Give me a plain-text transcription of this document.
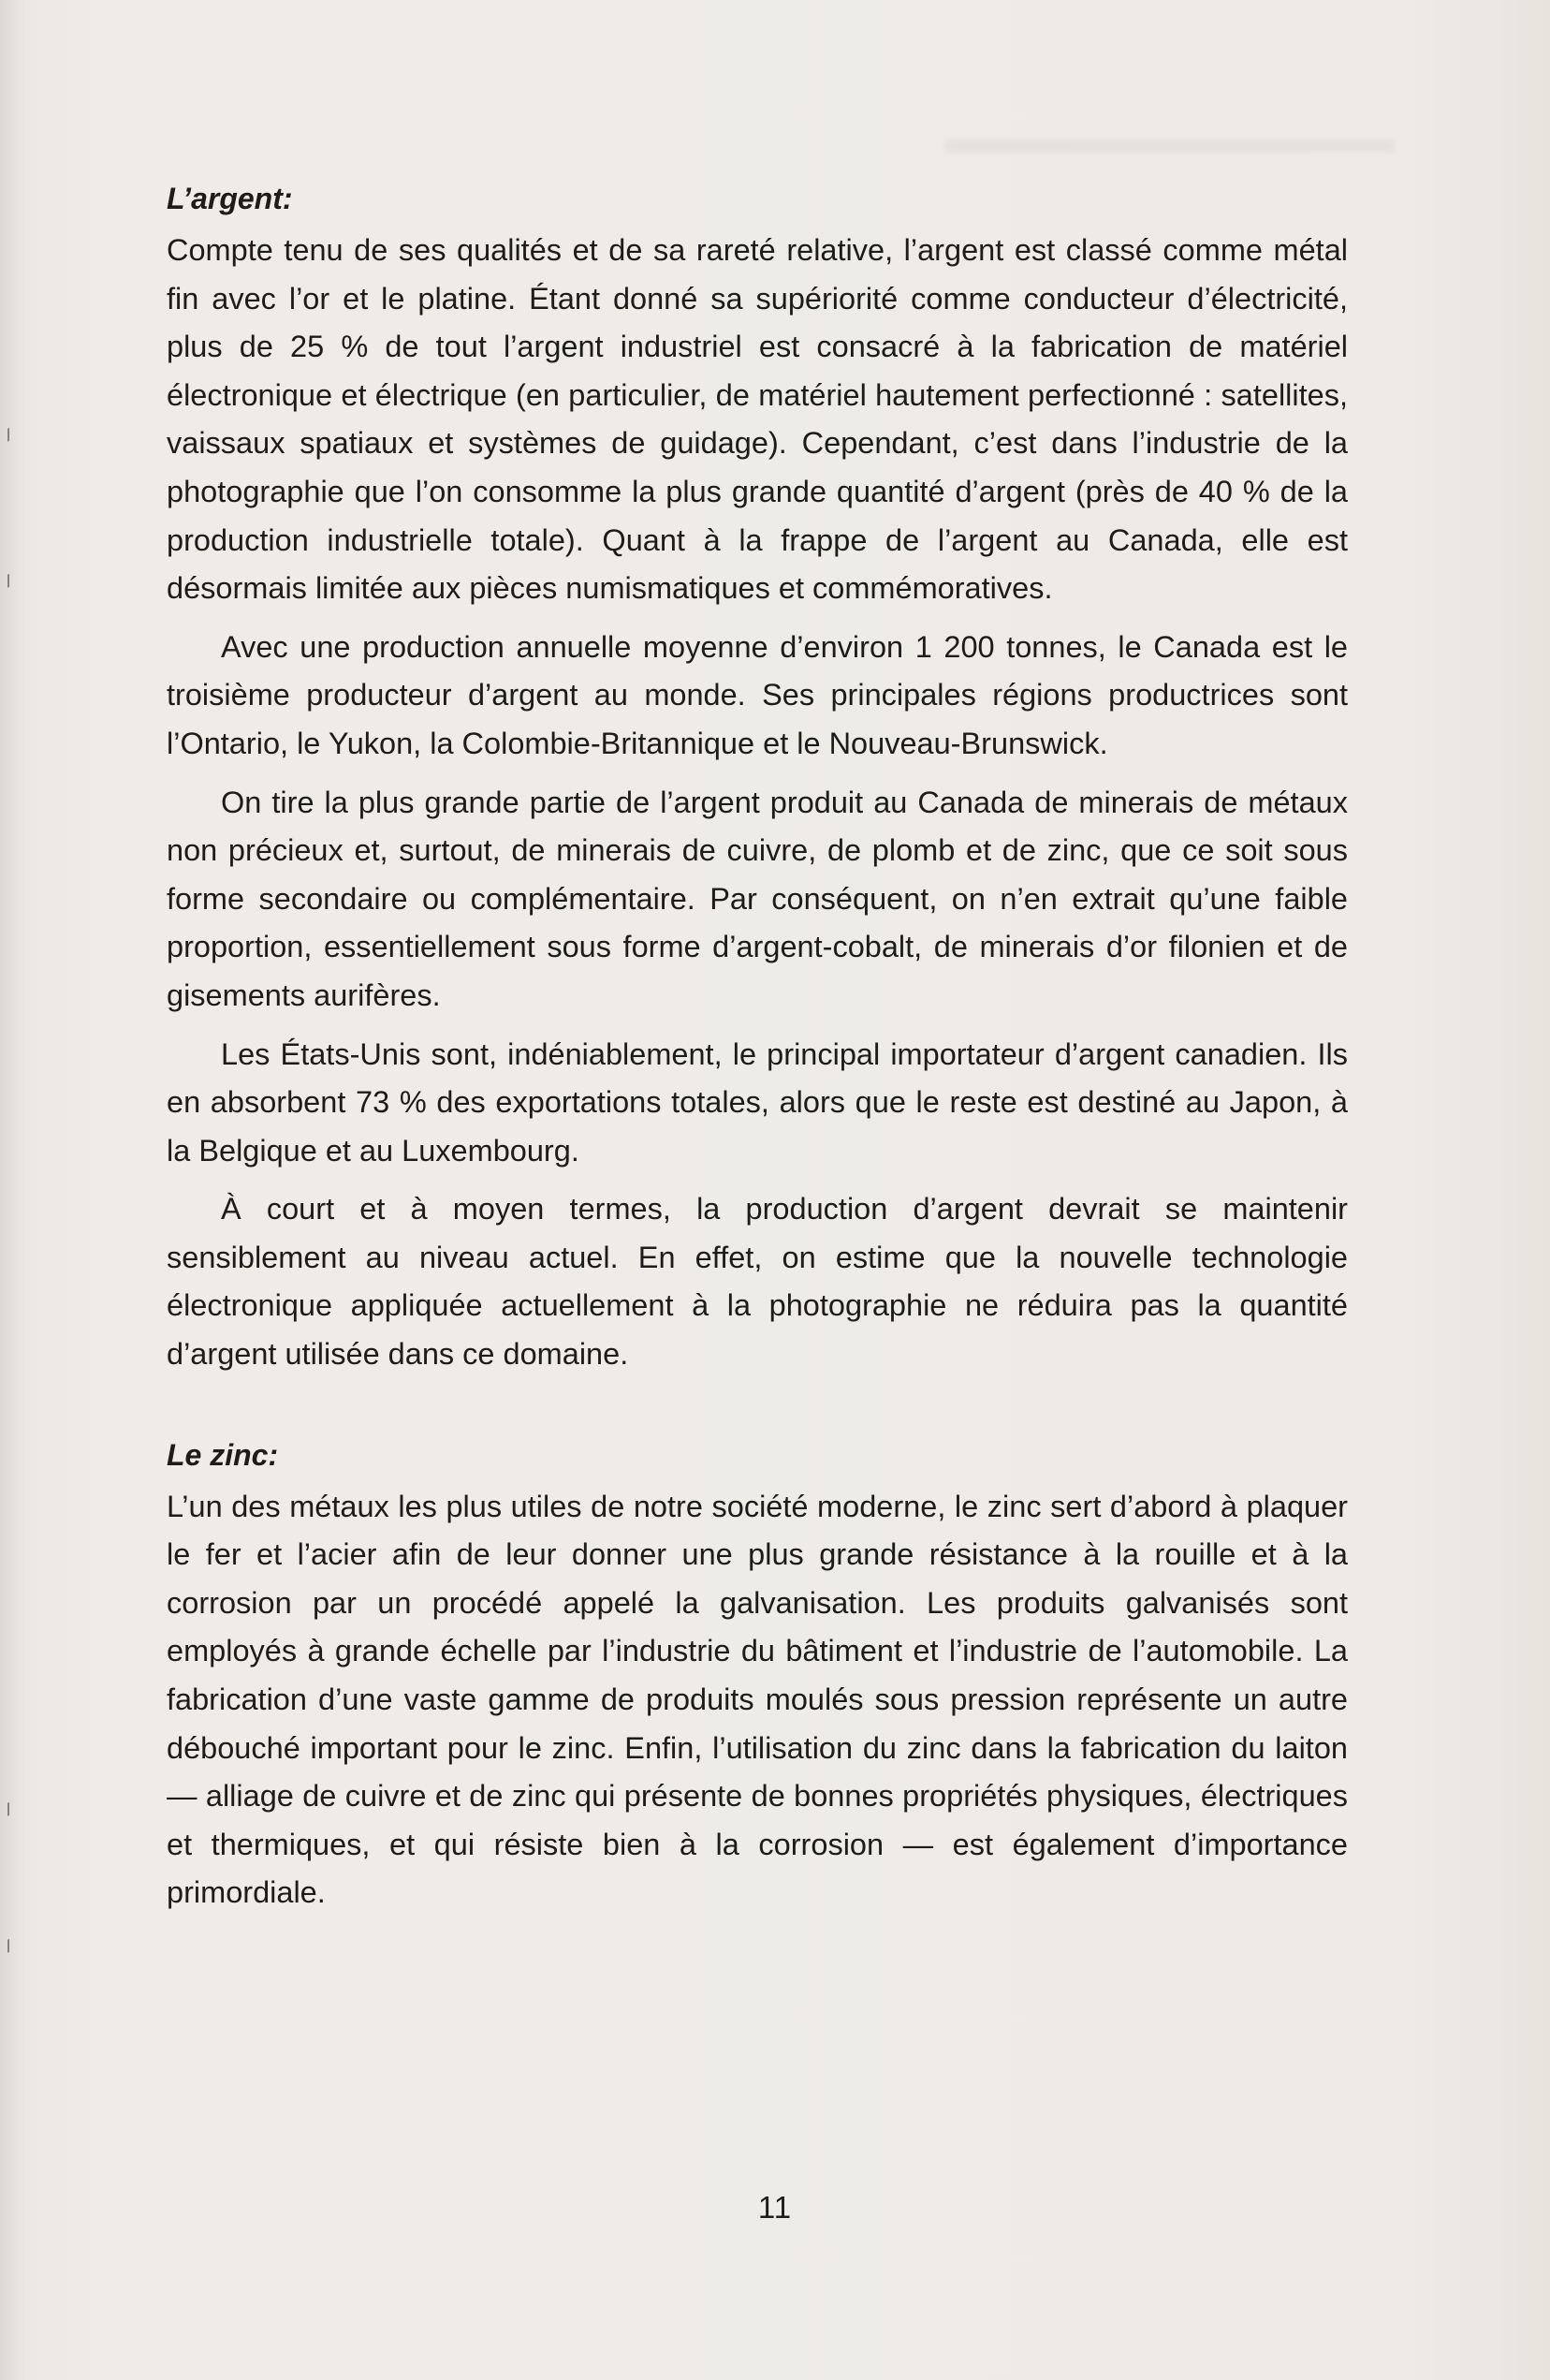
L’argent:

Compte tenu de ses qualités et de sa rareté relative, l’argent est classé comme métal fin avec l’or et le platine. Étant donné sa supériorité comme conducteur d’électricité, plus de 25 % de tout l’argent industriel est consacré à la fabrication de matériel électronique et électrique (en particulier, de matériel hautement perfectionné : satellites, vaissaux spatiaux et systèmes de guidage). Cependant, c’est dans l’industrie de la photographie que l’on consomme la plus grande quantité d’argent (près de 40 % de la production industrielle totale). Quant à la frappe de l’argent au Canada, elle est désormais limitée aux pièces numismatiques et commémoratives.

Avec une production annuelle moyenne d’environ 1 200 tonnes, le Canada est le troisième producteur d’argent au monde. Ses principales régions productrices sont l’Ontario, le Yukon, la Colombie-Britannique et le Nouveau-Brunswick.

On tire la plus grande partie de l’argent produit au Canada de minerais de métaux non précieux et, surtout, de minerais de cuivre, de plomb et de zinc, que ce soit sous forme secondaire ou complémentaire. Par conséquent, on n’en extrait qu’une faible proportion, essentiellement sous forme d’argent-cobalt, de minerais d’or filonien et de gisements aurifères.

Les États-Unis sont, indéniablement, le principal importateur d’argent canadien. Ils en absorbent 73 % des exportations totales, alors que le reste est destiné au Japon, à la Belgique et au Luxembourg.

À court et à moyen termes, la production d’argent devrait se maintenir sensiblement au niveau actuel. En effet, on estime que la nouvelle technologie électronique appliquée actuellement à la photographie ne réduira pas la quantité d’argent utilisée dans ce domaine.

Le zinc:

L’un des métaux les plus utiles de notre société moderne, le zinc sert d’abord à plaquer le fer et l’acier afin de leur donner une plus grande résistance à la rouille et à la corrosion par un procédé appelé la galvanisation. Les produits galvanisés sont employés à grande échelle par l’industrie du bâtiment et l’industrie de l’automobile. La fabrication d’une vaste gamme de produits moulés sous pression représente un autre débouché important pour le zinc. Enfin, l’utilisation du zinc dans la fabrication du laiton — alliage de cuivre et de zinc qui présente de bonnes propriétés physiques, électriques et thermiques, et qui résiste bien à la corrosion — est également d’importance primordiale.

11
